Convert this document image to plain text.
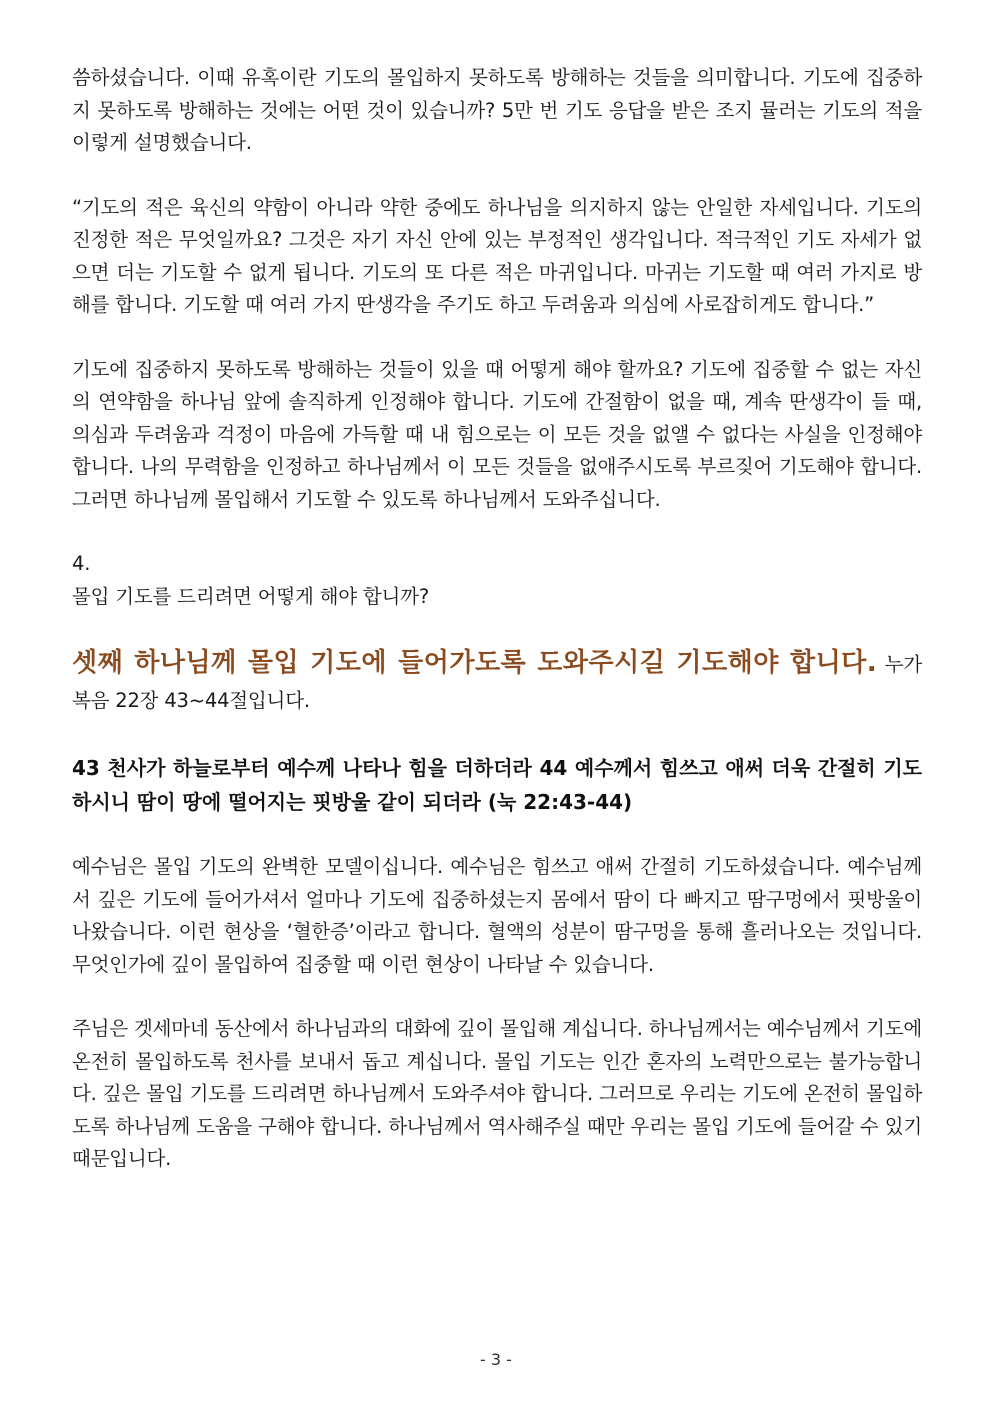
씀하셨습니다. 이때 유혹이란 기도의 몰입하지 못하도록 방해하는 것들을 의미합니다. 기도에 집중하지 못하도록 방해하는 것에는 어떤 것이 있습니까? 5만 번 기도 응답을 받은 조지 뮬러는 기도의 적을 이렇게 설명했습니다.

“기도의 적은 육신의 약함이 아니라 약한 중에도 하나님을 의지하지 않는 안일한 자세입니다. 기도의 진정한 적은 무엇일까요? 그것은 자기 자신 안에 있는 부정적인 생각입니다. 적극적인 기도 자세가 없으면 더는 기도할 수 없게 됩니다. 기도의 또 다른 적은 마귀입니다. 마귀는 기도할 때 여러 가지로 방해를 합니다. 기도할 때 여러 가지 딴생각을 주기도 하고 두려움과 의심에 사로잡히게도 합니다.”

기도에 집중하지 못하도록 방해하는 것들이 있을 때 어떻게 해야 할까요? 기도에 집중할 수 없는 자신의 연약함을 하나님 앞에 솔직하게 인정해야 합니다. 기도에 간절함이 없을 때, 계속 딴생각이 들 때, 의심과 두려움과 걱정이 마음에 가득할 때 내 힘으로는 이 모든 것을 없앨 수 없다는 사실을 인정해야 합니다. 나의 무력함을 인정하고 하나님께서 이 모든 것들을 없애주시도록 부르짖어 기도해야 합니다. 그러면 하나님께 몰입해서 기도할 수 있도록 하나님께서 도와주십니다.

4.

몰입 기도를 드리려면 어떻게 해야 합니까?

셋째 하나님께 몰입 기도에 들어가도록 도와주시길 기도해야 합니다. 누가복음 22장 43~44절입니다.

43 천사가 하늘로부터 예수께 나타나 힘을 더하더라 44 예수께서 힘쓰고 애써 더욱 간절히 기도하시니 땀이 땅에 떨어지는 핏방울 같이 되더라 (눅 22:43-44)

예수님은 몰입 기도의 완벽한 모델이십니다. 예수님은 힘쓰고 애써 간절히 기도하셨습니다. 예수님께서 깊은 기도에 들어가셔서 얼마나 기도에 집중하셨는지 몸에서 땀이 다 빠지고 땀구멍에서 핏방울이 나왔습니다. 이런 현상을 ‘혈한증’이라고 합니다. 혈액의 성분이 땀구멍을 통해 흘러나오는 것입니다. 무엇인가에 깊이 몰입하여 집중할 때 이런 현상이 나타날 수 있습니다.

주님은 겟세마네 동산에서 하나님과의 대화에 깊이 몰입해 계십니다. 하나님께서는 예수님께서 기도에 온전히 몰입하도록 천사를 보내서 돕고 계십니다. 몰입 기도는 인간 혼자의 노력만으로는 불가능합니다. 깊은 몰입 기도를 드리려면 하나님께서 도와주셔야 합니다. 그러므로 우리는 기도에 온전히 몰입하도록 하나님께 도움을 구해야 합니다. 하나님께서 역사해주실 때만 우리는 몰입 기도에 들어갈 수 있기 때문입니다.

- 3 -
